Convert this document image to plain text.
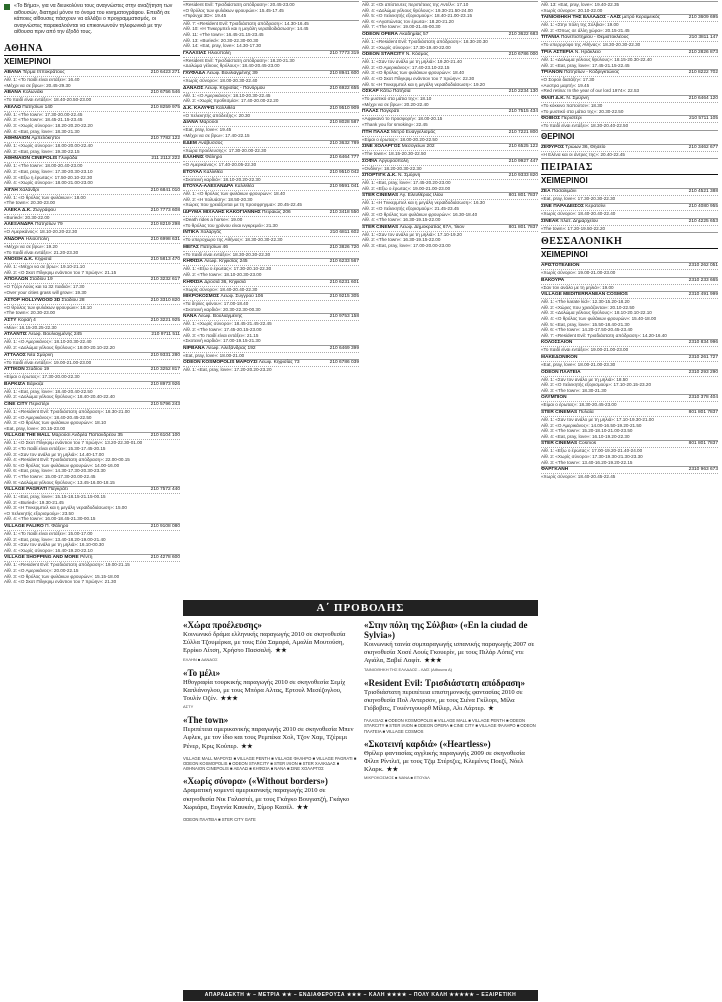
«To Βήμα», για να διευκολύνει τους αναγνώστες στην αναζήτηση των αιθουσών, διατηρεί μόνον το όνομα του κινηματογράφου. Επειδή σε κάποιες αίθουσες πάσχουν να αλλάξει ο προγραμματισμός, οι αναγνώστες παρακαλούνται να επικοινωνούν τηλεφωνικά με την αίθουσα πριν από την έξοδό τους.
ΑΘΗΝΑ
ΧΕΙΜΕΡΙΝΟΙ
ΑΒΑΝΑ Τέρμα Ιπποκράτους	210 6423 271
Αίθ. 1: «Το παιδί είναι εντάξει»: 16.40
«Μέχρι να σε βρω»: 20.45-29.30
ΑΒΑΝΑ Κολωνάκι	210 6756 546
«Το παιδί είναι εντάξει»: 18.40-20.50-23.00
ΑΕΛΛΩ Πατησίων 140	210 8259 975
Αίθ. 1: «The town»: 17.30-20.00-22.45
Αίθ. 2: «The town»: 18.45-21.15-23.45
Αίθ. 3: «Χωρίς σύνορο»: 18.20-20.20-22.20
Αίθ. 4: «Eat, pray, love»: 18.30-21.30
ΑΘΗΝΑΙΟΝ Αμπελόκηποι	210 7782 122
Αίθ. 1: «Χωρίς σύνορο»: 18.00-20.00-22.40
Αίθ. 2: «Eat, pray, love»: 19.30-22.15
ΑΘΗΝΑΙΟΝ CINEPOLIS Γλυφάδα	211 2112 222
Αίθ. 1: «The town»: 18.00-20.40-23.00
Αίθ. 2: «Eat, pray, love»: 17.30-20.30-23.10
Αίθ. 3: «Εξω η έρωτας»: 17.50-20.10-22.30
Αίθ. 4: «Χωρίς σύνορο»: 18.00-21.00-23.00
ΑΙΓΛΗ Χαλάνδρι	210 6841 010
Αίθ. 1: «Ο θρύλος των φυλάκων»: 18.00
«The town»: 20.30-23.00
ΑΛΕΚΑ Δ.Κ. Ζωγράφου	210 7773 608
«Buried»: 20.30-22.00
ΑΛΕΞΑΝΔΡΑ Πατησίων 79	210 8219 298
«Ο Αμερικάνος»: 18.10-20.20-22.30
ΑΝΔΟΡΑ Ηλιούπολη	210 6998 631
«Μέχρι να σε βρω»: 19.20
«Το παιδί είναι εντάξει»: 21.20-23.30
ΑΝΟΙΞΗ Δ.Κ. Κηφισιά	210 5813 470
Αίθ. 1: «Μέχρι να σε βρω»: 19.10-21.10
Αίθ. 2: «Ο Σκοτ Πίλγκριμ ενάντιον του 7 πρώην»: 21.15
ΑΠΟΛΛΩΝ Σταδίου 19	210 3232 617
«Ο Τζέρι Λούις και τα 32 παιδιά»: 17.30
«Over your cities grass will grow»: 19.30
ΑΣΤΟΡ HOLLYWOOD 3D Σταδίου 28	210 3310 820
«Ο θρύλος των φυλάκων φρουρών»: 18.10
«The town»: 20.30-23.00
ΑΣΤΥ Κοραή 4	210 3221 925
«Mia»: 16.15-20.25-22.30
ΑΤΛΑΝΤΙΣ Λεωφ. Βουλιαγμένης 245	210 9711 511
Αίθ. 1: «Ο Αμερικάνος»: 18.10-20.30-22.40
Αίθ. 2: «Δολώμα γέλιους θρύλους»: 18.00-20.10-22.20
ΑΤΤΑΛΟΣ Νέα Σμύρνη	210 9331 280
«Το παιδί είναι εντάξει»: 19.00-21.00-23.00
ΑΤΤΙΚΟΝ Σταδίου 19	210 3252 817
«Είμαι ο έρωτας»: 17.30-20.00-22.30
ΒΑΡΚΙΖΑ Βάρκιζα	210 8973 926
Αίθ. 1: «Eat, pray, love»: 18.40-20.40-22.50
Αίθ. 2: «Δολώμα γέλιους θρύλους»: 18.40-20.40-22.40
CINE CITY Περιστέρι	210 5796 243
Αίθ. 1: «Resident Evil: Τρισδιάστατη απόδραση»: 18.30-21.00
Αίθ. 2: «Ο Αμερικάνος»: 18.40-20.45-22.50
Αίθ. 3: «Ο θρύλος των φυλάκων φρουρών»: 18.10
«Eat, pray, love»: 20.15-23.00
VILLAGE THE MALL Μαρούσι Ανδρέα Παπανδρέου 35	210 6104 100
Αίθ. 1: «Ο Σκοτ Πίλγκριμ ενάντιον του 7 πρώην»: 13.20-22.30-01.00
Αίθ. 2: «Το παιδί είναι εντάξει»: 15.30-17.45-20.15
Αίθ. 3: «Σαν τον ανάλο με τη μηλιά»: 14.40-17.00
Αίθ. 4: «Resident Evil: Τρισδιάστατη απόδραση»: 22.00-00.15
Αίθ. 5: «Ο θρύλος των φυλάκων φρουρών»: 14.00-16.00
Αίθ. 6: «Eat, pray, love»: 14.30-17.30-20.30-23.30
Αίθ. 7: «The town»: 15.00-17.30-20.00-22.45
Αίθ. 8: «Δολώμα γέλιους θρύλους»: 13.45-16.00-18.15
VILLAGE PAGRATI Παγκράτι	210 7572 440
Αίθ. 1: «Eat, pray, love»: 15.15-18.15-21.15-00.15
Αίθ. 2: «Buried»: 19.30-21.45
Αίθ. 3: «Η Τινκερμπελ και η μεγάλη νεραϊδοδιάσωση»: 15.00
«Ο πελεκητής εξορισμούμ»: 23.50
Αίθ. 4: «The town»: 16.00-18.45-21.30-00.15
VILLAGE FALIRO Π. Φάληρο	210 9108 080
Αίθ. 1: «Το παιδί είναι εντάξει»: 15.00-17.00
Αίθ. 2: «Eat, pray, love»: 13.40-18.20-19.00-21.40
Αίθ. 3: «Σαν τον ανάλο με τη μηλιά»: 16.10-00.30
Αίθ. 4: «Χωρίς σύνορο»: 16.40-19.20-22.10
VILLAGE SHOPPING AND MORE Ρέντη	210 4278 600
Αίθ. 1: «Resident Evil: Τρισδιάστατη απόδραση»: 19.00-21.15
Αίθ. 2: «Ο Αμερικάνος»: 20.00-22.15
Αίθ. 3: «Ο θρύλος των φυλάκων φρουρών»: 15.15-18.00
Αίθ. 4: «Ο Σκοτ Πίλγκριμ ενάντιον του 7 πρώην»: 21.30
«Resident Evil: Τρισδιάστατη απόδραση»: 20.45-23.00
«Ο θρύλος των φυλάκων φρουρών»: 15.45-17.45
«Πιράνχα 3D»: 19.45
Αίθ. 7: «Resident Evil: Τρισδιάστατη απόδραση»: 14.30-16.45
Αίθ. 10: «Η Τινκερμπελ και η μεγάλη νεραϊδοδιάσωση»: 14.45
Αίθ. 11: «The town»: 16.45-21.15-23.45
Αίθ. 13: «Buried»: 20.30-22.30-00.30
Αίθ. 14: «Eat, pray, love»: 14.30-17.30
ΓΑΛΑΞΙΑΣ Ηλιούπολη	210 7773 319
«Resident Evil: Τρισδιάστατη απόδραση»: 18.20-21.30
«Δολώμα γέλιους θρύλους»: 18.40-20.45-23.00
ΓΛΥΦΑΔΑ Λεωφ. Βουλιαγμένης 39	210 8941 600
«Χωρίς σύνορο»: 18.00-20.30-22.40
ΔΑΝΑΟΣ Λεωφ. Κηφισίας - Πανόρμου	210 6922 655
Αίθ. 1: «Ο Αμερικάνος»: 18.10-20.30-22.45
Αίθ. 2: «Χωρίς προθεσμία»: 17.40-20.00-22.20
Δ.Κ. ΚΑΛΥΨΩ Καλλιθέα	210 9510 909
«Ο πελεκητής απόδειξης»: 20.30
ΔΙΑΝΑ Μαρούσι	210 8028 587
«Eat, pray, love»: 19.45
«Μέχρι να σε βρω»: 17.40-22.15
ΕΔΕΜ Ανάβυσσος	210 3632 789
«Χώρα προέλευσης»: 17.30-20.00-22.30
ΕΛΛΗΝΙΣ Φάληρο	210 6464 777
«Ο Αμερικάνος»: 17.40-20.05-22.30
ΕΤΟΥΑΛ Καλλιθέα	210 9510 042
«Σκοτεινή καρδιά»: 18.10-20.20-22.30
ΕΤΟΥΑΛ-ΑΛΕΞΑΝΔΡΑ Καλλιθέα	210 9591 041
Αίθ. 1: «Ο θρύλος των φυλάκων φρουρών»: 18.40
Αίθ. 2: «Η πολυάση»: 18.50-20.30
«Χώρες που χρειάζονται με τη προσφρηγμα»: 20.45-22.45
ΙΔΡΥΜΑ ΜΙΧΑΛΗΣ ΚΑΚΟΓΙΑΝΝΗΣ Πειραιώς 206	210 3418 550
«Death rides a horse»: 19.00
«Το θρύλος του χρόνου είναι ινγκρεμιό»: 21.30
ΙΝΤΙΚΑ Χολαργός	210 6811 602
«Το υπεροχώρο της Αθήνας»: 18.30-20.30-22.30
ΜΕΓΑΣ Πατησίων 46	210 3826 720
«Το παιδί είναι εντάξει»: 18.30-20.30-22.30
ΚΗΦΙΣΙΑ Λεωφ. Κηφισίας 245	210 6233 567
Αίθ. 1: «Εξω ο έρωτας»: 17.30-20.10-22.30
Αίθ. 2: «The town»: 18.10-20.30-23.00
ΚΗΦΙΣΙΑ Δροσιά 36, Κηφισιά	210 6231 601
«Χωρίς σύνορο»: 18.40-20.40-22.30
ΜΙΚΡΟΚΟΣΜΟΣ Λεωφ. Συγγρού 106	210 9215 305
«Τα δηλίες φόνου»: 17.00-18.40
«Σκοτεινή καρδιά»: 20.30-22.30-00.30
NANA Λεωφ. Βουλιαγμένης	210 9753 158
Αίθ. 1: «Χωρίς σύνορο»: 18.45-21.45-22.45
Αίθ. 2: «The town»: 17.45-20.15-23.00
Αίθ. 3: «Το παιδί είναι εντάξει»: 21.15
«Σκοτεινή καρδιά»: 17.00-19.15-21.30
ΝΙΡΒΑΝΑ Λεωφ. Αλεξάνδρας 192	210 6469 399
«Eat, pray, love»: 18.00-21.00
ODEON KOSMOPOLIS ΜΑΡΟΥΣΙ Λεωφ. Κηφισίας 73	210 6786 039
Αίθ. 1: «Eat, pray, love»: 17.20-20.20-23.20
Αίθ. 2: «Οι απίστευτες περιπέτειες της Αντέλ»: 17.10
Αίθ. 4: «Δολώμα γέλιους θρύλους»: 19.30-21.50-24.00
Αίθ. 5: «Ο πελεκητής εξορισμούμ»: 18.40-21.00-23.15
Αίθ. 6: «Αγαπώντας τον έρωτα»: 18.20-21.20
Αίθ. 7: «The town»: 19.00-21.45-00.30
ODEON OPERA Ακαδημίας 57	210 3622 683
Αίθ. 1: «Resident Evil: Τρισδιάστατη απόδραση»: 18.30-20.30
Αίθ. 2: «Χωρίς σύνορο»: 17.30-19.40-22.00
ODEON STARCITY Ν. Κόσμος	210 6786 000
Αίθ. 1: «Σαν τον ανάλο με τη μηλιά»: 19.20-21.40
Αίθ. 2: «Ο Αμερικάνος»: 17.40-23.10-22.15
Αίθ. 3: «Ο θρύλος των φυλάκων φρουρών»: 18.40
Αίθ. 4: «Ο Σκοτ Πίλγκριμ ενάντιον του 7 πρώην»: 22.30
Αίθ. 5: «Η Τινκερμπελ και η μεγάλη νεραϊδοδιάσωση»: 19.20
ΟΣΚΑΡ Κάτω Πατήσια	210 2234 130
«Το μυστικό στα μάτια της»: 18.10
«Μέχρι να σε βρω»: 20.20-22.40
ΠΑΛΑΣ Παγκράτι	210 7515 434
«Αφρικανό το προσφορή»: 18.00-20.15
«Thank you for smoking»: 22.45
ΠΤΗ ΠΑΛΑΣ Μετρό Ευαγγελισμός	210 7221 800
«Είμαι ο έρωτας»: 18.00-20.20-22.50
ΣΙΝΕ ΧΟΛΑΡΓΟΣ Μεσογείων 202	210 6525 122
«The town»: 18.15-20.30-22.50
ΣΟΦΙΑ Αργυρούπολη	210 9927 447
«Ονδίνη»: 18.20-20.30-22.30
ΣΠΟΡΤΙΓΚ Δ.Κ. Ν. Σμύρνη	210 9333 820
Αίθ. 1: «Eat, pray, love»: 17.45-20.20-23.00
Αίθ. 2: «Εξω ο έρωτας»: 19.00-21.00-23.00
STER CINEMAS Αγ. Ελευθέριος Ιλίου	801 801 7837
Αίθ. 1: «Η Τινκερμπελ και η μεγάλη νεραϊδοδιάσωση»: 16.30
Αίθ. 2: «Ο πελεκητής εξορισμούμ»: 21.45-23.45
Αίθ. 3: «Ο θρύλος των φυλάκων φρουρών»: 16.30-18.40
Αίθ. 4: «The town»: 16.30-19.15-22.00
STER CINEMAS Λεωφ. Δημοκρατίας 67Α, Ίλιον	801 801 7837
Αίθ. 1: «Σαν τον ανάλο με τη μηλιά»: 17.10-19.20
Αίθ. 2: «The town»: 16.30-19.15-22.00
Αίθ. 3: «Eat, pray, love»: 17.00-20.00-23.00
Αίθ. 13: «Eat, pray, love»: 19.40-22.35
«Χωρίς σύνορο»: 20.10-22.00
ΤΑΙΝΙΟΘΗΚΗ ΤΗΣ ΕΛΛΑΔΟΣ - ΛΑΪΣ μετρό Κεραμεικός	210 3609 695
Αίθ. 1: «Στην πόλη της Σύλβια»: 19.00
Αίθ. 2: «Όπως σε άλλη χώρα»: 20.15-21.45
ΤΙΤΑΝΙΑ Πανεπιστημίου - Θεμιστοκλέους	210 3811 147
«Το υπερρρόφο της Αθήνας»: 18.30-20.30-22.30
ΤΡΙΑ ΑΣΤΕΡΙΑ Ν. Ηράκλειο	210 2826 873
Αίθ. 1: «Δολώμα γέλιους θρύλους»: 18.15-20.30-22.40
Αίθ. 2: «Eat, pray, love»: 17.45-21.15-22.45
ΤΡΙΑΝΟΝ Πατησίων - Κοδριγκτώνος	210 8222 702
«Ο Σορολ διατάξη»: 17.30
«Αυστρα μαρτή»: 19.45
«Red retina: In the year of our lord 1974»: 22.53
ΦΙΛΙΠ Δ.Κ. Ν. Σμύρνη	210 6464 120
«Το κόκκινο παπούτσι»: 18.30
«Το μυστικό στα μάτια της»: 20.30-22.50
ΦΟΙΒΟΣ Περιστέρι	210 5711 105
«Το παιδί είναι εντάξει»: 18.30-20.40-22.50
ΘΕΡΙΝΟΙ
ΖΕΦΥΡΟΣ Τρώων 36, Θησείο	210 3462 677
«Η Ελένα και οι άντρες της»: 20.40-22.45
ΠΕΙΡΑΙΑΣ
ΧΕΙΜΕΡΙΝΟΙ
ΖΕΑ Πασαλιμάνι	210 4521 388
«Eat, pray, love»: 17.30-20.30-22.30
ΣΙΝΕ ΠΑΡΑΔΕΙΣΟΣ Κερατσίνι	210 4080 955
«Χωρίς σύνορο»: 18.40-20.40-22.40
ΣΙΝΕΑΚ πλατ. Δημαρχείου	210 4225 653
«The town»: 17.20-19.50-22.20
ΘΕΣΣΑΛΟΝΙΚΗ
ΧΕΙΜΕΡΙΝΟΙ
ΑΡΙΣΤΟΤΕΛΕΙΟΝ	2310 262 051
«Χωρίς σύνορο»: 19.00-21.00-23.00
ΒΑΚΟΥΡΑ	2310 233 665
«Σαν τον ανάλο με τη μηλιά»: 19.00
VILLAGE MEDITERRANEAN COSMOS	2310 491 999
Αίθ. 1: «The karate kid»: 12.30-15.20-18.20
Αίθ. 2: «Χώρες που χρειάζονται»: 20.10-22.50
Αίθ. 3: «Δολώμα γέλιους θρύλους»: 18.10-20.10-22.10
Αίθ. 4: «Ο θρύλος των φυλάκων φρουρών»: 15.40-18.00
Αίθ. 5: «Eat, pray, love»: 15.50-18.40-21.30
Αίθ. 6: «The town»: 14.20-17.50-20.45-23.40
Αίθ. 7: «Resident Evil: Τρισδιάστατη απόδραση»: 14.20-16.40
ΚΟΛΟΣΣΑΙΟΝ	2310 834 996
«Το παιδί είναι εντάξει»: 19.00-21.00-23.00
ΜΑΚΕΔΟΝΙΚΟΝ	2310 261 727
«Eat, pray, love»: 18.00-21.00-23.30
ODEON ΠΛΑΤΕΙΑ	2310 293 290
Αίθ. 1: «Σαν τον ανάλο με τη μηλιά»: 18.50
Αίθ. 2: «Ο πελεκητής εξορισμούμ»: 17.10-20.15-23.20
Αίθ. 3: «The town»: 18.30-21.30
ΟΛΥΜΠΙΟΝ	2310 378 404
«Είμαι ο έρωτας»: 18.30-20.45-23.00
STER CINEMAS Πυλαία	801 801 7837
Αίθ. 1: «Σαν τον ανάλο με τη μηλιά»: 17.10-19.30-21.00
Αίθ. 2: «Ο Αμερικάνος»: 14.00-16.50-19.20-21.50
Αίθ. 3: «The town»: 15.20-18.10-21.00-23.50
Αίθ. 4: «Eat, pray, love»: 16.10-19.20-22.30
STER CINEMAS Cosmos	801 801 7837
Αίθ. 1: «Εξω ο έρωτας»: 17.00-19.20-21.40-24.00
Αίθ. 2: «Χωρίς σύνορο»: 17.30-19.30-21.30-23.30
Αίθ. 3: «The town»: 13.40-16.20-19.20-22.15
ΦΑΡΓΚΑΝΗ	2310 963 673
«Χωρίς σύνορο»: 18.40-20.45-22.45
Α΄ ΠΡΟΒΟΛΗΣ
«Χώρα προέλευσης»
Κοινωνικό δράμα ελληνικής παραγωγής 2010 σε σκηνοθεσία Σύλλα Τζουμέρκα, με τους Εύα Σαμαρά, Αμαλία Μουτούση, Ερρίκο Λίτση, Χρήστο Πασσαλή. ★★
ΕΛΛΗΝ ■ ΔΑΝΑΟΣ
«Το μέλι»
Ηθογραφία τουρκικής παραγωγής 2010 σε σκηνοθεσία Σεμίχ Καπλάνογλου, με τους Μπόρα Αλτας, Ερτουλ Μεσέζογλου, Τουλίν Οζέν. ★★★
ΑΣΤΥ
«The town»
Περιπέτεια αμερικανικής παραγωγής 2010 σε σκηνοθεσία Μπεν Αφλεκ, με τον ίδιο και τους Ρεμπέκα Χολ, Τζον Χαμ, Τζέρεμι Ρένερ, Κρις Κούπερ. ★★
VILLAGE MALL ΜΑΡΟΥΣΙ ■ VILLAGE PENTH ■ VILLAGE ΦΑΛΗΡΟ ■ VILLAGE PAGRATI ■ ODEON KOSMOPOLIS ■ ODEON STARCITY ■ STER ΙΛΙΟΝ ■ STER ΧΑΛΚΙΔΑΣ ■ ΑΘΗΝΑΙΟΝ CINEPOLIS ■ ΑΕΛΛΩ ■ ΚΗΦΙΣΙΑ ■ ΝΑΝΑ ■ ΣΙΝΕ ΧΟΛΑΡΓΟΣ
«Χωρίς σύνορα» («Without borders»)
Δραματική κομεντί αμερικανικής παραγωγής 2010 σε σκηνοθεσία Νικ Γαλαστέι, με τους Γκάγκο Βουγιατζή, Γκάγκο Χωριάρα, Ευγενία Καυκάν, Σίμορ Κασέλ. ★★
ODEON ΠΛΑΤΕΙΑ ■ STER CITY GATE
«Στην πόλη της Σύλβια» («En la ciudad de Sylvia»)
Κοινωνική ταινία συμπαραγωγής ισπανικής παραγωγής 2007 σε σκηνοθεσία Χοσέ Λουίς Γκουερίν, με τους Πιλάρ Λόπεζ ντε Αγιάλα, Ξαβιέ Λαφίτ. ★★★
ΤΑΙΝΙΟΘΗΚΗ ΤΗΣ ΕΛΛΑΔΟΣ - ΛΑΪΣ (Αίθουσα Α)
«Resident Evil: Τρισδιάστατη απόδραση»
Τρισδιάστατη περιπέτεια επιστημονικής φαντασίας 2010 σε σκηνοθεσία Πολ Αντερσον, με τους Σιένα Γκίλορι, Μίλα Γιόβοβιτς, Γουέντγουορθ Μίλερ, Αλι Λάρτερ. ★
ΓΑΛΑΞΙΑΣ ■ ODEON KOSMOPOLIS ■ VILLAGE MALL ■ VILLAGE PENTH ■ ODEON STARCITY ■ STER ΙΛΙΟΝ ■ ODEON OPERA ■ CINE CITY ■ VILLAGE ΦΑΛΗΡΟ ■ ODEON ΠΛΑΤΕΙΑ ■ VILLAGE COSMOS
«Σκοτεινή καρδιά» («Heartless»)
Θρίλερ φαντασίας αγγλικής παραγωγής 2009 σε σκηνοθεσία Φίλιπ Ρίντλεϊ, με τους Τζιμ Στέρτζες, Κλεμέντς Ποεζί, Νόελ Κλαρκ. ★★
ΜΙΚΡΟΚΟΣΜΟΣ ■ ΝΑΝΑ ■ ΕΤΟΥΑΛ
ΑΠΑΡΑΔΕΚΤΗ ★ – ΜΕΤΡΙΑ ★★ – ΕΝΔΙΑΦΕΡΟΥΣΑ ★★★ – ΚΑΛΗ ★★★★ – ΠΟΛΥ ΚΑΛΗ ★★★★★ – ΕΞΑΙΡΕΤΙΚΗ
